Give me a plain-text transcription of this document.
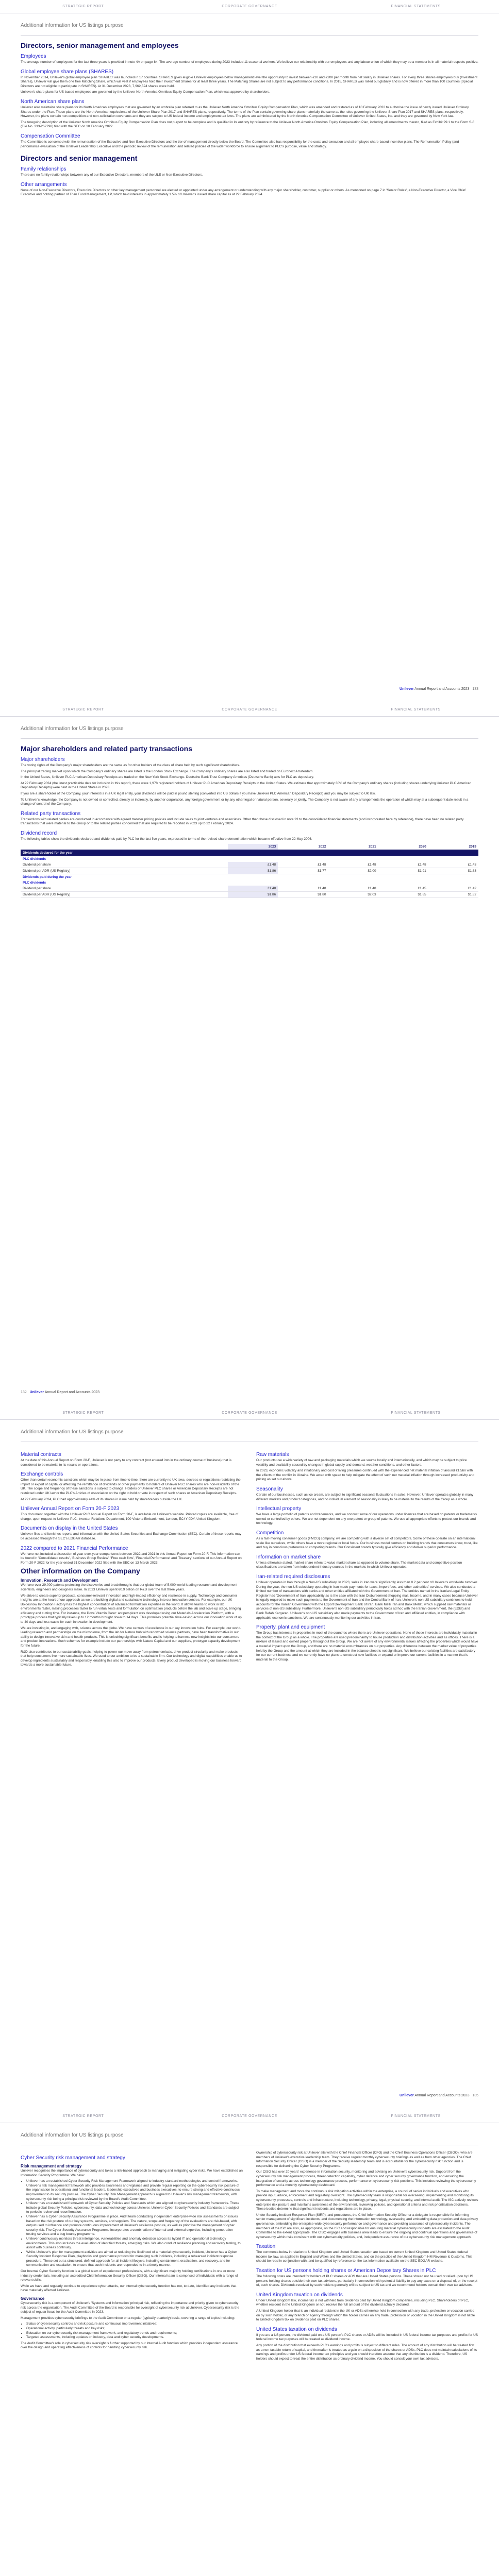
STRATEGIC REPORT	CORPORATE GOVERNANCE	FINANCIAL STATEMENTS
Additional information for US listings purpose
Directors, senior management and employees
Employees

The average number of employees for the last three years is provided in note 4A on page 84. The average number of employees during 2023 included 11 seasonal workers. We believe our relationship with our employees and any labour union of which they may be a member is in all material respects positive.

Global employee share plans (SHARES)

In November 2014, Unilever's global employee plan 'SHARES' was launched in 17 countries. SHARES gives eligible Unilever employees below management level the opportunity to invest between €10 and €200 per month from net salary in Unilever shares. For every three shares employees buy (Investment Shares), Unilever will give them one free Matching Share, which will vest if employees hold their Investment Shares for at least three years. The Matching Shares are not subject to any performance conditions. In 2015, SHARES was rolled out globally and is now offered in more than 100 countries (Special Directors are not eligible to participate in SHARES). At 31 December 2023, 7,962,524 shares were held.

Unilever's share plans for US-based employees are governed by the Unilever North America Omnibus Equity Compensation Plan, which was approved by shareholders.

North American share plans

Unilever also maintains share plans for its North American employees that are governed by an umbrella plan referred to as the Unilever North America Omnibus Equity Compensation Plan, which was amended and restated as of 10 February 2022 to authorise the issue of newly issued Unilever Ordinary Shares under the Plan. These plans are the North American equivalents of the Unilever Share Plan 2017 and SHARES plans, respectively. The terms of the Plan contain governing share plans materially the same as the rules governing the Unilever Share Plan 2017 and SHARES plans, respectively. However, the plans contain non-competition and non-solicitation covenants and they are subject to US federal income and employment tax laws. The plans are administered by the North America Compensation Committee of Unilever United States, Inc. and they are governed by New York law.

The foregoing description of the Unilever North America Omnibus Equity Compensation Plan does not purport to be complete and is qualified in its entirety by reference to the Unilever North America Omnibus Equity Compensation Plan, including all amendments thereto, filed as Exhibit 99.1 to the Form S-8 (File No. 333-262798) filed with the SEC on 10 February 2022.

Compensation Committee

The Committee is concerned with the remuneration of the Executive and Non-Executive Directors and the tier of management directly below the Board. The Committee also has responsibility for the costs and execution and all employee share-based incentive plans. The Remuneration Policy (and performance evaluation of the Unilever Leadership Executive and the periodic review of the remuneration and related policies of the wider workforce to ensure alignment to PLC's purpose, value and strategy.

Directors and senior management
Family relationships

There are no family relationships between any of our Executive Directors, members of the ULE or Non-Executive Directors.

Other arrangements

None of our Non-Executive Directors, Executive Directors or other key management personnel are elected or appointed under any arrangement or understanding with any major shareholder, customer, supplier or others. As mentioned on page 7 in 'Senior Roles', a Non-Executive Director, a Vice Chief Executive and holding partner of Trian Fund Management, LP, which held interests in approximately 1.5% of Unilever's issued share capital as at 22 February 2024.

Unilever Annual Report and Accounts 2023 133
STRATEGIC REPORT	CORPORATE GOVERNANCE	FINANCIAL STATEMENTS
Additional information for US listings purpose
Major shareholders and related party transactions
Major shareholders

The voting rights of the Company's major shareholders are the same as for other holders of the class of share held by such significant shareholders.

The principal trading market upon which the Company's ordinary shares are listed is the London Stock Exchange. The Company's ordinary shares are also listed and traded on Euronext Amsterdam.

In the United States, Unilever PLC American Depositary Receipts are traded on the New York Stock Exchange. Deutsche Bank Trust Company Americas (Deutsche Bank) acts for PLC as depositary.

At 22 February 2024 (the latest practicable date for inclusion in this report), there were 1,978 registered holders of Unilever PLC American Depositary Receipts in the United States. We estimate that approximately 30% of the Company's ordinary shares (including shares underlying Unilever PLC American Depositary Receipts) were held in the United States in 2023.

If you are a shareholder of the Company, your interest is in a UK legal entity, your dividends will be paid in pound sterling (converted into US dollars if you have Unilever PLC American Depositary Receipts) and you may be subject to UK law.

To Unilever's knowledge, the Company is not owned or controlled, directly or indirectly, by another corporation, any foreign government or by any other legal or natural person, severally or jointly. The Company is not aware of any arrangements the operation of which may at a subsequent date result in a change of control of the Company.

Related party transactions

Transactions with related parties are conducted in accordance with agreed transfer pricing policies and include sales to joint ventures and associates. Other than those disclosed in note 23 to the consolidated financial statements (and incorporated here by reference), there have been no related party transactions that were material to the Group or to the related parties concerned that are required to be reported in 2023 up to 22 February 2024.

Dividend record

The following tables show the dividends declared and dividends paid by PLC for the last five years, expressed in terms of the revised share denomination which became effective from 22 May 2006.

	2023	2022	2021	2020	2019
Dividends declared for the year					
PLC dividends					
Dividend per share	£1.48	£1.48	£1.48	£1.48	£1.43
Dividend per ADR (US Registry)	$1.86	$1.77	$2.00	$1.91	$1.83
Dividends paid during the year					
PLC dividends					
Dividend per share	£1.48	£1.48	£1.48	£1.45	£1.42
Dividend per ADR (US Registry)	$1.86	$1.80	$2.03	$1.85	$1.82
132 Unilever Annual Report and Accounts 2023
STRATEGIC REPORT	CORPORATE GOVERNANCE	FINANCIAL STATEMENTS
Additional information for US listings purpose
Material contracts

At the date of this Annual Report on Form 20-F, Unilever is not party to any contract (not entered into in the ordinary course of business) that is considered to be material to its results or operations.

Exchange controls

Other than certain economic sanctions which may be in place from time to time, there are currently no UK laws, decrees or regulations restricting the import or export of capital or affecting the remittance of dividends or other payments to holders of Unilever PLC shares who are non-residents of the UK. The scope and frequency of these sanctions is subject to change. Holders of Unilever PLC shares or American Depositary Receipts are not restricted under UK law or the PLC's Articles of Association on the right to hold or vote in respect of such shares or American Depositary Receipts.

At 22 February 2024, PLC had approximately 44% of its shares in issue held by shareholders outside the UK.

Unilever Annual Report on Form 20-F 2023

This document, together with the Unilever PLC Annual Report on Form 20-F, is available on Unilever's website. Printed copies are available, free of charge, upon request to Unilever PLC, Investor Relations Department, 100 Victoria Embankment, London, EC4Y 0DY, United Kingdom.

Documents on display in the United States

Unilever files and furnishes reports and information with the United States Securities and Exchange Commission (SEC). Certain of these reports may be accessed through the SEC's EDGAR database.

2022 compared to 2021 Financial Performance

We have not included a discussion of year-over-year comparisons between 2022 and 2021 in this Annual Report on Form 20-F. This information can be found in 'Consolidated results', 'Business Group Review', 'Free cash flow', 'Financial Performance' and 'Treasury' sections of our Annual Report on Form 20-F 2022 for the year ended 31 December 2022 filed with the SEC on 13 March 2023.

Other information on the Company
Innovation, Research and Development

We have over 29,000 patents protecting the discoveries and breakthroughs that our global team of 5,000 world-leading research and development scientists, engineers and designers make. In 2023 Unilever spent €0.9 billion on R&D over the last three years.

We strive to create superior products, consumer-relevant innovation and high-impact efficiency and resilience in supply. Technology and consumer insights are at the heart of our approach as we are building digital and sustainable technology into our innovation centres. For example, our UK Boldesnow Innovation Factory has the highest concentration of advanced formulation expertise in the world. It allows teams to work in lab environments faster, making processes faster to run virtual tests and formulation on optimisation products before the lab and scale up stage, bringing efficiency and cutting time. For instance, the Dove Vitamin Care+ antiperspirant was developed using our Materials Acceleration Platform, with a prototype process that typically takes up to 12 months brought down to 14 days. This promises potential time-saving across our innovation work of up to 40 days and less waste for each innovation in development.

We are investing in, and engaging with, science across the globe. We have centres of excellence in our key innovation hubs. For example, our world-leading research and partnerships on the microbiome, from the lab for Nature hub with renowned science partners, have been transformative in our ability to design innovative skin and health products. This is unlocking significant benefits and is helping to harness new insights into our consumers and product innovations. Such schemes for example include our partnerships with Nature Capital and our suppliers, prototype capacity development for the future.

R&D also contributes to our sustainability goals, helping to power our move away from petrochemicals, drive product circularity and make products that help consumers live more sustainable lives. We used to our ambition to be a sustainable firm. Our technology and digital capabilities enable us to develop ingredients sustainably and responsibly, enabling this also to improve our products. Every product developed is moving our business forward towards a more sustainable future.

Raw materials

Our products use a wide variety of raw and packaging materials which we source locally and internationally, and which may be subject to price volatility and availability caused by changes in global supply and demand, weather conditions, and other factors.

In 2023, economic volatility and inflationary and cost of living pressures continued with the experienced net material inflation of around €1.5bn with the effects of the conflict in Ukraine. We acted with speed to help mitigate the effect of such net material inflation through increased productivity and pricing as set out above.

Seasonality

Certain of our businesses, such as ice cream, are subject to significant seasonal fluctuations in sales. However, Unilever operates globally in many different markets and product categories, and no individual element of seasonality is likely to be material to the results of the Group as a whole.

Intellectual property

We have a large portfolio of patents and trademarks, and we conduct some of our operations under licences that are based on patents or trademarks owned or controlled by others. We are not dependent on any one patent or group of patents. We use all appropriate efforts to protect our brands and technology.

Competition

As a fast-moving consumer goods (FMCG) company, we are competing with a diverse set of competitors. Some of these operate on an international scale like ourselves, while others have a more regional or local focus. Our business model centres on building brands that consumers know, trust, like and buy in conscious preference to competing brands. Our Consistent brands typically give efficiency and deliver superior performance.

Information on market share

Unless otherwise stated, market share refers to value market share as opposed to volume share. The market data and competitive position classifications are taken from independent industry sources in the markets in which Unilever operates.

Iran-related required disclosures

Unilever operates in Iran through a Non-US subsidiary. In 2023, sales in Iran were significantly less than 0.2 per cent of Unilever's worldwide turnover. During the year, the non-US subsidiary operating in Iran made payments for taxes, import fees, and other authorities' services. We also conducted a limited number of transactions with banks and other entities affiliated with the Government of Iran. The entities named in the Iranian Legal Entity Register had 'Government of Iran' applicability as is the case with the Iran Disbursement shopping mall, Income, and in many cases because Unilever is legally required to make such payments to the Government of Iran and the Central Bank of Iran. Unilever's non-US subsidiary continues to hold accounts for the Iranian Government with the Export Development Bank of Iran, Bank Melli Iran and Bank Mellat, which supplied raw materials or services of non-US subsidiary. Furthermore, Unilever's non-US subsidiary periodically holds ad hoc with the Iranian Government, the (EDBI) and Bank Refah Kargaran. Unilever's non-US subsidiary also made payments to the Government of Iran and affiliated entities, in compliance with applicable economic sanctions. We are continuously monitoring our activities in Iran.

Property, plant and equipment

The Group has interests in properties in most of the countries where there are Unilever operations. None of these interests are individually material in the context of the Group as a whole. The properties are used predominantly to house production and distribution activities and as offices. There is a mixture of leased and owned property throughout the Group. We are not aware of any environmental issues affecting the properties which would have a material impact upon the Group, and there are no material encumbrances on our properties. Any difference between the market value of properties held by the Group and the amount at which they are included in the balance sheet is not significant. We believe our existing facilities are satisfactory for our current business and we currently have no plans to construct new facilities or expand or improve our current facilities in a manner that is material to the Group.

Unilever Annual Report and Accounts 2023 135
STRATEGIC REPORT	CORPORATE GOVERNANCE	FINANCIAL STATEMENTS
Additional information for US listings purpose
Cyber Security risk management and strategy
Risk management and strategy

Unilever recognises the importance of cybersecurity and takes a risk-based approach to managing and mitigating cyber risks. We have established an Information Security Programme. We have:

• Unilever has an established Cyber Security Risk Management Framework aligned to industry-standard methodologies and control frameworks. Unilever's risk management framework also provides awareness and vigilance and provide regular reporting on the cybersecurity risk posture of the organisation to operational and functional leaders, leadership executives and business executives, to ensure strong and effective continuous improvement to its security posture. The Cyber Security Risk Management approach is aligned to Unilever's risk management framework, with cybersecurity risk being a principal risk reviewed by the Board's Audit Committee.
• Unilever has an established framework of Cyber Security Policies and Standards which are aligned to cybersecurity industry frameworks. These include global Security Policies, cybersecurity, data and technology across Unilever. Unilever Cyber Security Policies and Standards are subject to periodic review and reconfirmation.
• Unilever has a Cyber Security Assurance Programme in place. Audit team conducting independent enterprise-wide risk assessments on issues based on the risk posture of our key systems, services, and suppliers. The nature, scope and frequency of the evaluations are risk-based, with output used to influence and promote continuous improvement of Unilever's resilience posture, as well as prioritise the management of cyber security risk. The Cyber Security Assurance Programme incorporates a combination of internal and external expertise, including penetration testing services and a bug bounty programme.
• Unilever continuously monitors threat intelligence, vulnerabilities and anomaly detection across its hybrid IT and operational technology environments. This also includes the evaluation of identified threats, emerging risks. We also conduct resilience planning and recovery testing, to assist with business continuity.
• Whilst Unilever's plan for management activities are aimed at reducing the likelihood of a material cybersecurity incident, Unilever has a Cyber Security Incident Response Plan, playbooks and governance protocol for managing such incidents, including a rehearsed incident response procedure. These set out a structured, defined approach for all incident lifecycle, including containment, eradication, and recovery, and for communication and escalation, to ensure that such incidents are responded to in a timely manner.

Our Internal Cyber Security function is a global team of experienced professionals, with a significant majority holding certifications in one or more industry credentials, including an accredited Chief Information Security Officer (CISO). Our internal team is comprised of individuals with a range of relevant skills.

While we have and regularly continue to experience cyber attacks, our internal cybersecurity function has not, to date, identified any incidents that have materially affected Unilever.

Governance

Cybersecurity risk is a component of Unilever's 'Systems and Information' principal risk, reflecting the importance and priority given to cybersecurity risk across the organisation. The Audit Committee of the Board is responsible for oversight of cybersecurity risk at Unilever. Cybersecurity risk is the subject of regular focus for the Audit Committee in 2023.

Management provides cybersecurity briefings to the Audit Committee on a regular (typically quarterly) basis, covering a range of topics including:

• Status of cybersecurity controls and risk posture and continuous improvement initiatives;
• Operational activity, particularly threats and key risks;
• Education on our cybersecurity risk management framework, and regulatory trends and requirements;
• Targeted assessments, including updates on industry, data and cyber security developments.

The Audit Committee's role in cybersecurity risk oversight is further supported by our Internal Audit function which provides independent assurance over the design and operating effectiveness of controls for handling cybersecurity risk.

Ownership of cybersecurity risk at Unilever sits with the Chief Financial Officer (CFO) and the Chief Business Operations Officer (CBOO), who are members of Unilever's executive leadership team. They receive regular monthly cybersecurity briefings as well as from other agencies. The Chief Information Security Officer (CISO) is a member of the Security leadership team and is accountable for the cybersecurity risk function and is responsible for delivering the Cyber Security Programme.

Our CISO has over 20 years' experience in information security, monitoring and advising on Unilever's cybersecurity risk. Support from the cybersecurity risk management process, threat detection capability, cyber defence and cyber security governance function, and ensuring the integration of security across technology governance process, performance on cybersecurity risk positions. This includes reviewing the cybersecurity performance and a monthly cybersecurity dashboard.

To make management and more the continuous risk mitigation activities within the enterprise, a council of senior individuals and executives who provide input, advice, enforcement and regulatory oversight. The cybersecurity team is responsible for overseeing, implementing and monitoring its cybersecurity processes, controls and infrastructure, including technology, privacy, legal, physical security, and internal audit. The ISC actively reviews enterprise risk posture and maintains awareness of the environment, reviewing policies, and operational criteria and risk prioritisation decisions. These bodies determine that significant incidents and regulations are in place.

Under Security Incident Response Plan (SIRP), and procedures, the Chief Information Security Officer or a delegate is responsible for informing senior management of significant incidents, and documenting the information technology, overseeing and embedding data protection and data privacy governance, embedding the enterprise-wide cybersecurity performance and governance and providing assurance of cybersecurity incidents. The members of the ISC are also, as appropriate, on the ISC and responsible for ensuring material cybersecurity incidents are escalated to the Audit Committee to the extent appropriate. The CISO engages with business area leads to ensure the ongoing and continual operations and governance of cybersecurity within risks consistent with our cybersecurity policies, and, independent assurance of our cybersecurity risk management approach.

Taxation

The comments below in relation to United Kingdom and United States taxation are based on current United Kingdom and United States federal income tax law, as applied in England and Wales and the United States, and on the practice of the United Kingdom HM Revenue & Customs. This should be read in conjunction with, and be qualified by reference to, the tax information available on the SEC EDGAR website.

Taxation for US persons holding shares or American Depositary Shares in PLC

The following notes are intended for holders of PLC shares or ADS that are United States persons. These should not be used or relied upon by US persons holding shares outside their own tax advisors, particularly in connection with potential liability to pay any taxes on a disposal of, or the receipt of, such shares. Dividends received by such holders generally will be subject to US tax and we recommend holders consult their own tax advisors.

United Kingdom taxation on dividends

Under United Kingdom law, income tax is not withheld from dividends paid by United Kingdom companies, including PLC. Shareholders of PLC, whether resident in the United Kingdom or not, receive the full amount of the dividend actually declared.

A United Kingdom holder that is an individual resident in the UK or ADSs otherwise held in connection with any trade, profession or vocation carried on by such holder, or any branch or agency through which the holder carries on any trade, profession or vocation in the United Kingdom is not liable to United Kingdom tax on dividends paid on PLC shares.

United States taxation on dividends

If you are a US person, the dividend paid on a US person's PLC shares or ADSs will be included in US federal income tax purposes and profits for US federal income tax purposes will be treated as dividend income.

Any portion of the distribution that exceeds PLC's earnings and profits is subject to different rules. The amount of any distribution will be treated first as a non-taxable return of capital, and thereafter is treated as a gain on a disposition of the shares or ADSs. PLC does not maintain calculations of its earnings and profits under US federal income tax principles and you should therefore assume that any distribution is a dividend. Therefore, US holders should expect to treat the entire distribution as ordinary dividend income. You should consult your own tax advisors.
